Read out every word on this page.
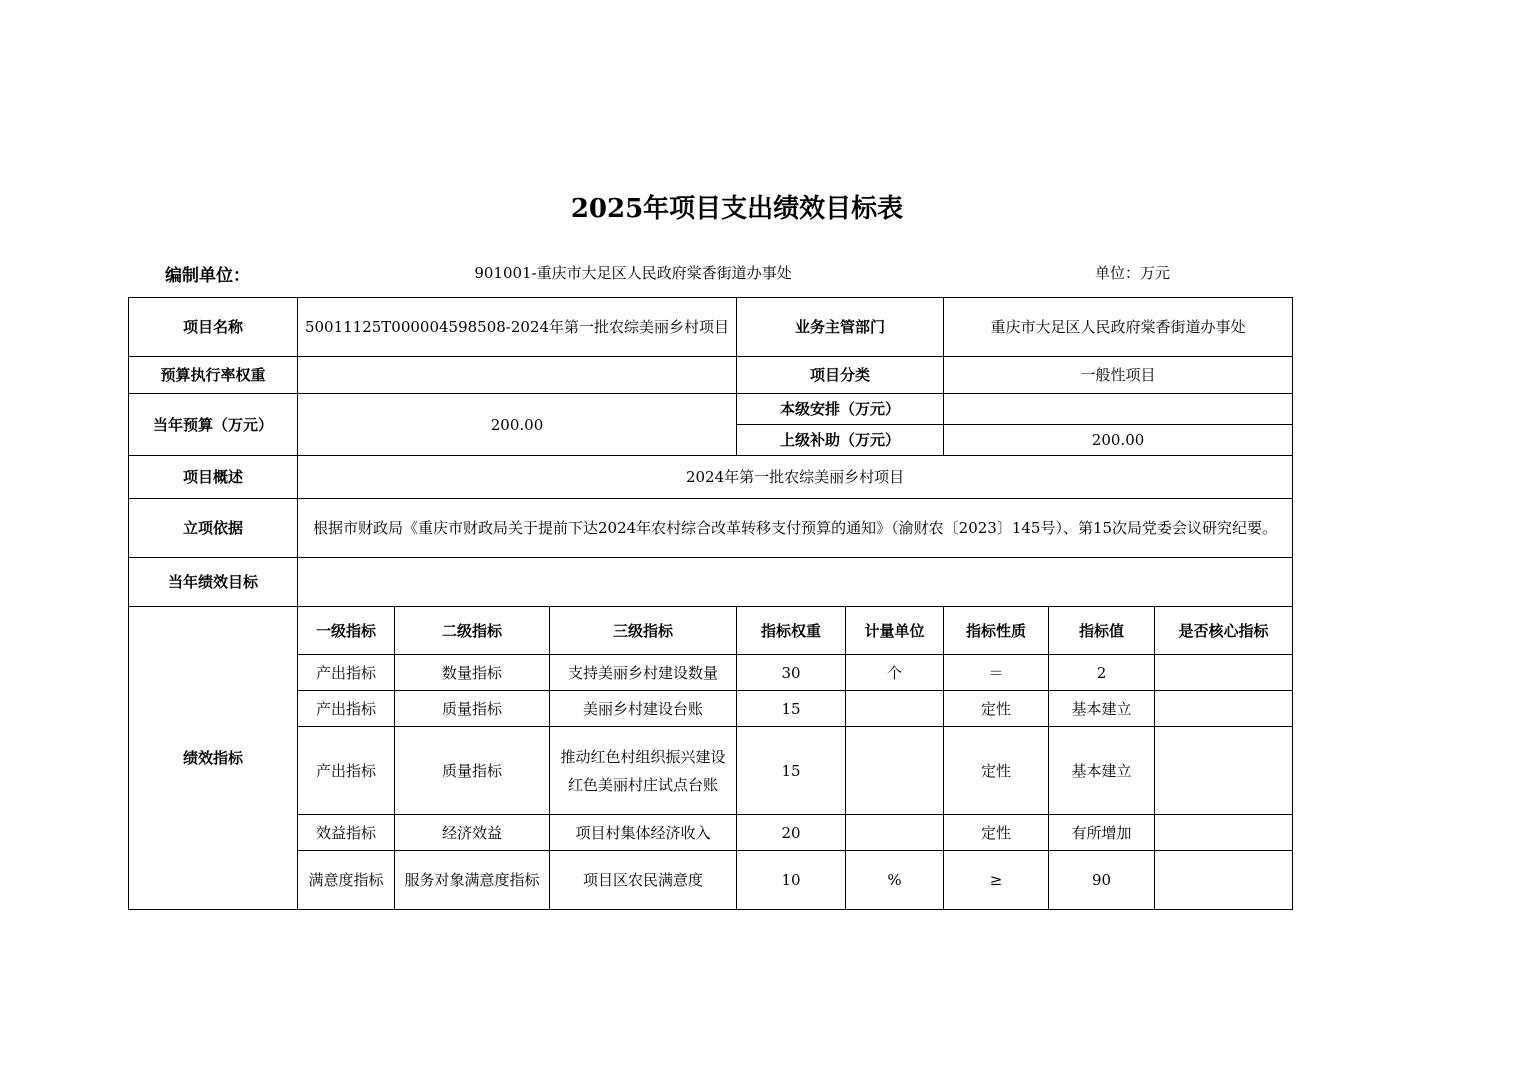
2025年项目支出绩效目标表
编制单位：	901001-重庆市大足区人民政府棠香街道办事处	单位：万元
项目名称	50011125T000004598508-2024年第一批农综美丽乡村项目			业务主管部门		重庆市大足区人民政府棠香街道办事处		
预算执行率权重				项目分类		一般性项目		
当年预算（万元）	200.00			本级安排（万元）				
				上级补助（万元）		200.00		
项目概述	2024年第一批农综美丽乡村项目							
立项依据	根据市财政局《重庆市财政局关于提前下达2024年农村综合改革转移支付预算的通知》（渝财农〔2023〕145号）、第15次局党委会议研究纪要。							
当年绩效目标								
绩效指标	一级指标	二级指标	三级指标	指标权重	计量单位	指标性质	指标值	是否核心指标
	产出指标	数量指标	支持美丽乡村建设数量	30	个	＝	2	
	产出指标	质量指标	美丽乡村建设台账	15		定性	基本建立	
	产出指标	质量指标	推动红色村组织振兴建设红色美丽村庄试点台账	15		定性	基本建立	
	效益指标	经济效益	项目村集体经济收入	20		定性	有所增加	
	满意度指标	服务对象满意度指标	项目区农民满意度	10	%	≥	90	
